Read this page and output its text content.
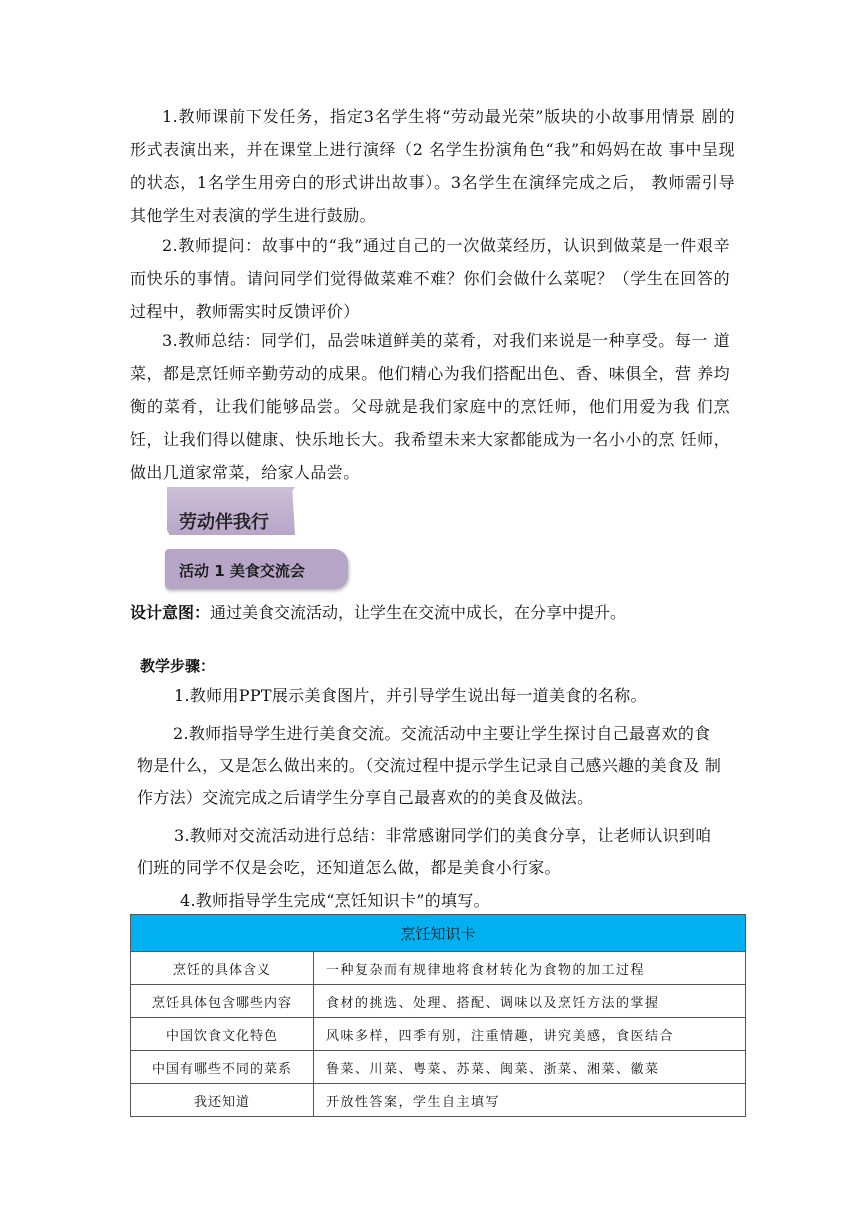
1.教师课前下发任务，指定3名学生将“劳动最光荣”版块的小故事用情景 剧的形式表演出来，并在课堂上进行演绎（2 名学生扮演角色“我”和妈妈在故 事中呈现的状态，1名学生用旁白的形式讲出故事）。3名学生在演绎完成之后， 教师需引导其他学生对表演的学生进行鼓励。

2.教师提问：故事中的“我”通过自己的一次做菜经历，认识到做菜是一件艰辛而快乐的事情。请问同学们觉得做菜难不难？你们会做什么菜呢？（学生在回答的过程中，教师需实时反馈评价）

3.教师总结：同学们，品尝味道鲜美的菜肴，对我们来说是一种享受。每一 道菜，都是烹饪师辛勤劳动的成果。他们精心为我们搭配出色、香、味俱全，营 养均衡的菜肴，让我们能够品尝。父母就是我们家庭中的烹饪师，他们用爱为我 们烹饪，让我们得以健康、快乐地长大。我希望未来大家都能成为一名小小的烹 饪师，做出几道家常菜，给家人品尝。

劳动伴我行
活动 1 美食交流会

设计意图：通过美食交流活动，让学生在交流中成长，在分享中提升。

教学步骤：

1.教师用PPT展示美食图片，并引导学生说出每一道美食的名称。

2.教师指导学生进行美食交流。交流活动中主要让学生探讨自己最喜欢的食 物是什么，又是怎么做出来的。（交流过程中提示学生记录自己感兴趣的美食及 制作方法）交流完成之后请学生分享自己最喜欢的的美食及做法。

3.教师对交流活动进行总结：非常感谢同学们的美食分享，让老师认识到咱 们班的同学不仅是会吃，还知道怎么做，都是美食小行家。

4.教师指导学生完成“烹饪知识卡”的填写。

烹饪知识卡	
烹饪的具体含义	一种复杂而有规律地将食材转化为食物的加工过程
烹饪具体包含哪些内容	食材的挑选、处理、搭配、调味以及烹饪方法的掌握
中国饮食文化特色	风味多样，四季有别，注重情趣，讲究美感，食医结合
中国有哪些不同的菜系	鲁菜、川菜、粤菜、苏菜、闽菜、浙菜、湘菜、徽菜
我还知道	开放性答案，学生自主填写
